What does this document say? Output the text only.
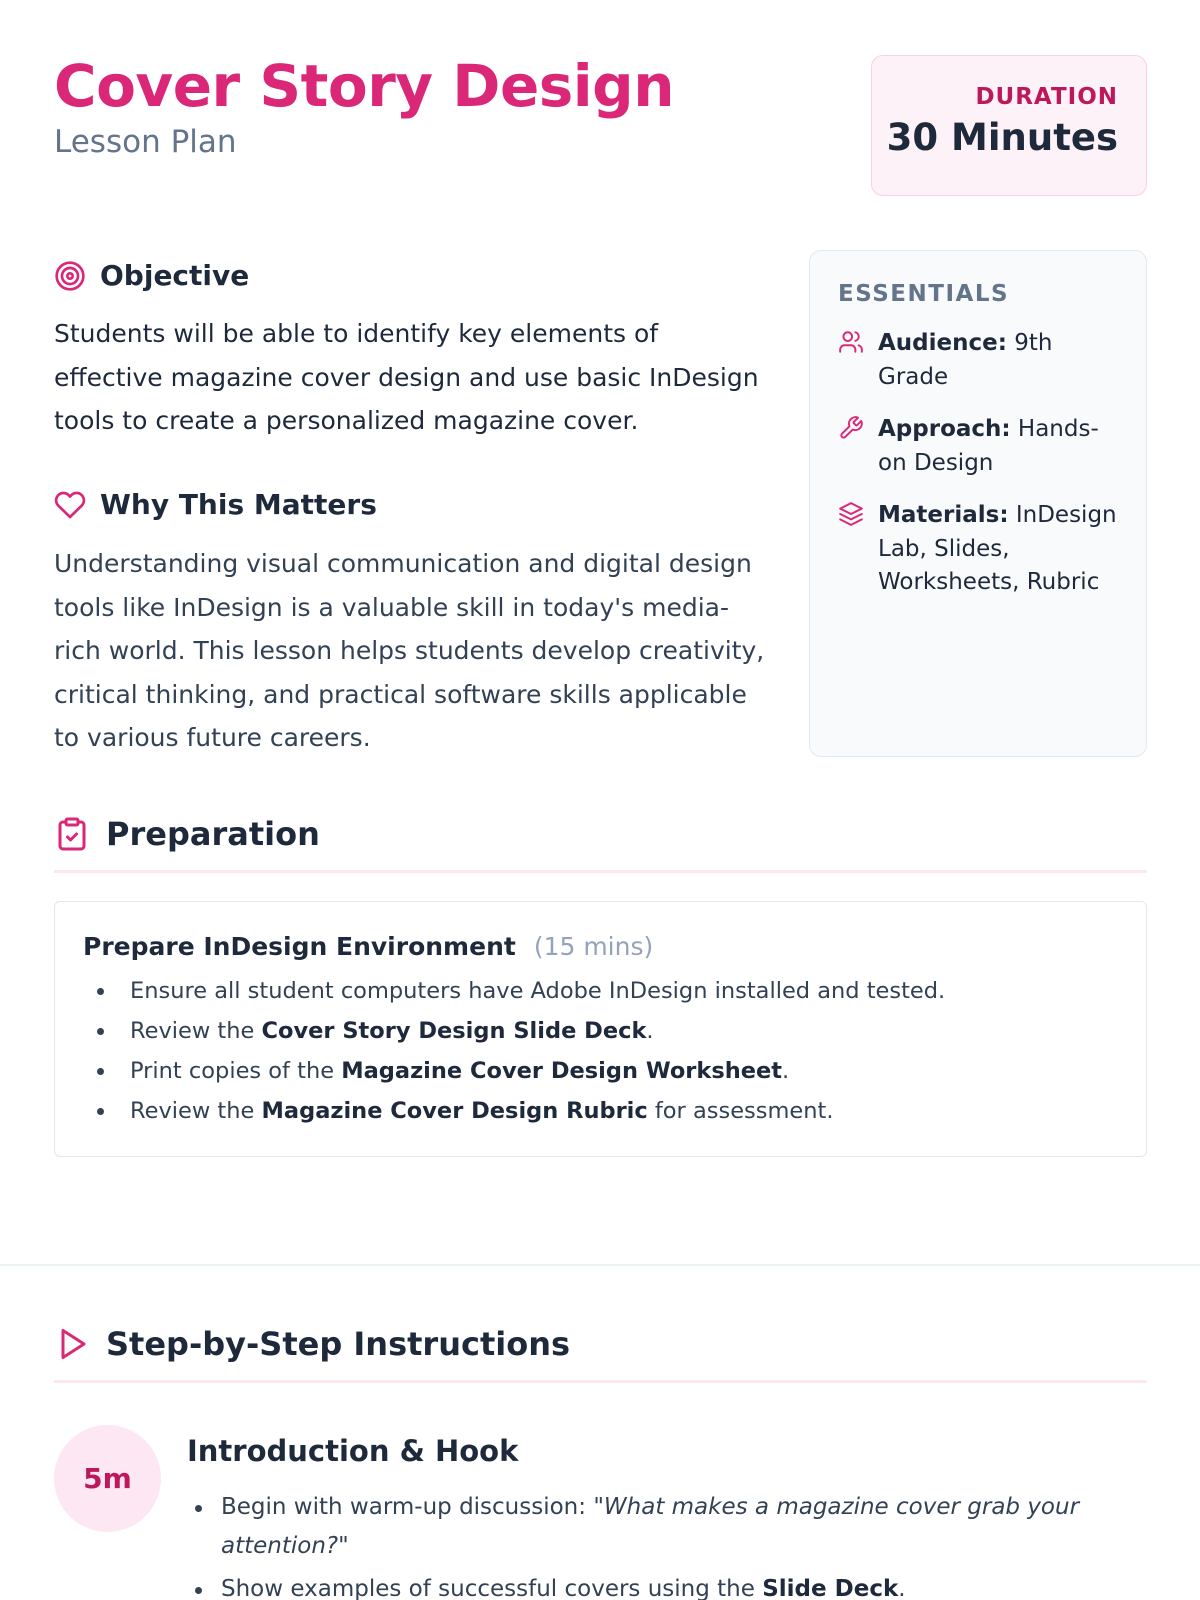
Cover Story Design
Lesson Plan
DURATION
30 Minutes
Objective
Students will be able to identify key elements of effective magazine cover design and use basic InDesign tools to create a personalized magazine cover.
Why This Matters
Understanding visual communication and digital design tools like InDesign is a valuable skill in today's media-rich world. This lesson helps students develop creativity, critical thinking, and practical software skills applicable to various future careers.
ESSENTIALS
Audience: 9th Grade
Approach: Hands-on Design
Materials: InDesign Lab, Slides, Worksheets, Rubric
Preparation
Prepare InDesign Environment (15 mins)
Ensure all student computers have Adobe InDesign installed and tested.
Review the Cover Story Design Slide Deck.
Print copies of the Magazine Cover Design Worksheet.
Review the Magazine Cover Design Rubric for assessment.
Step-by-Step Instructions
5m
Introduction & Hook
Begin with warm-up discussion: "What makes a magazine cover grab your attention?"
Show examples of successful covers using the Slide Deck.
